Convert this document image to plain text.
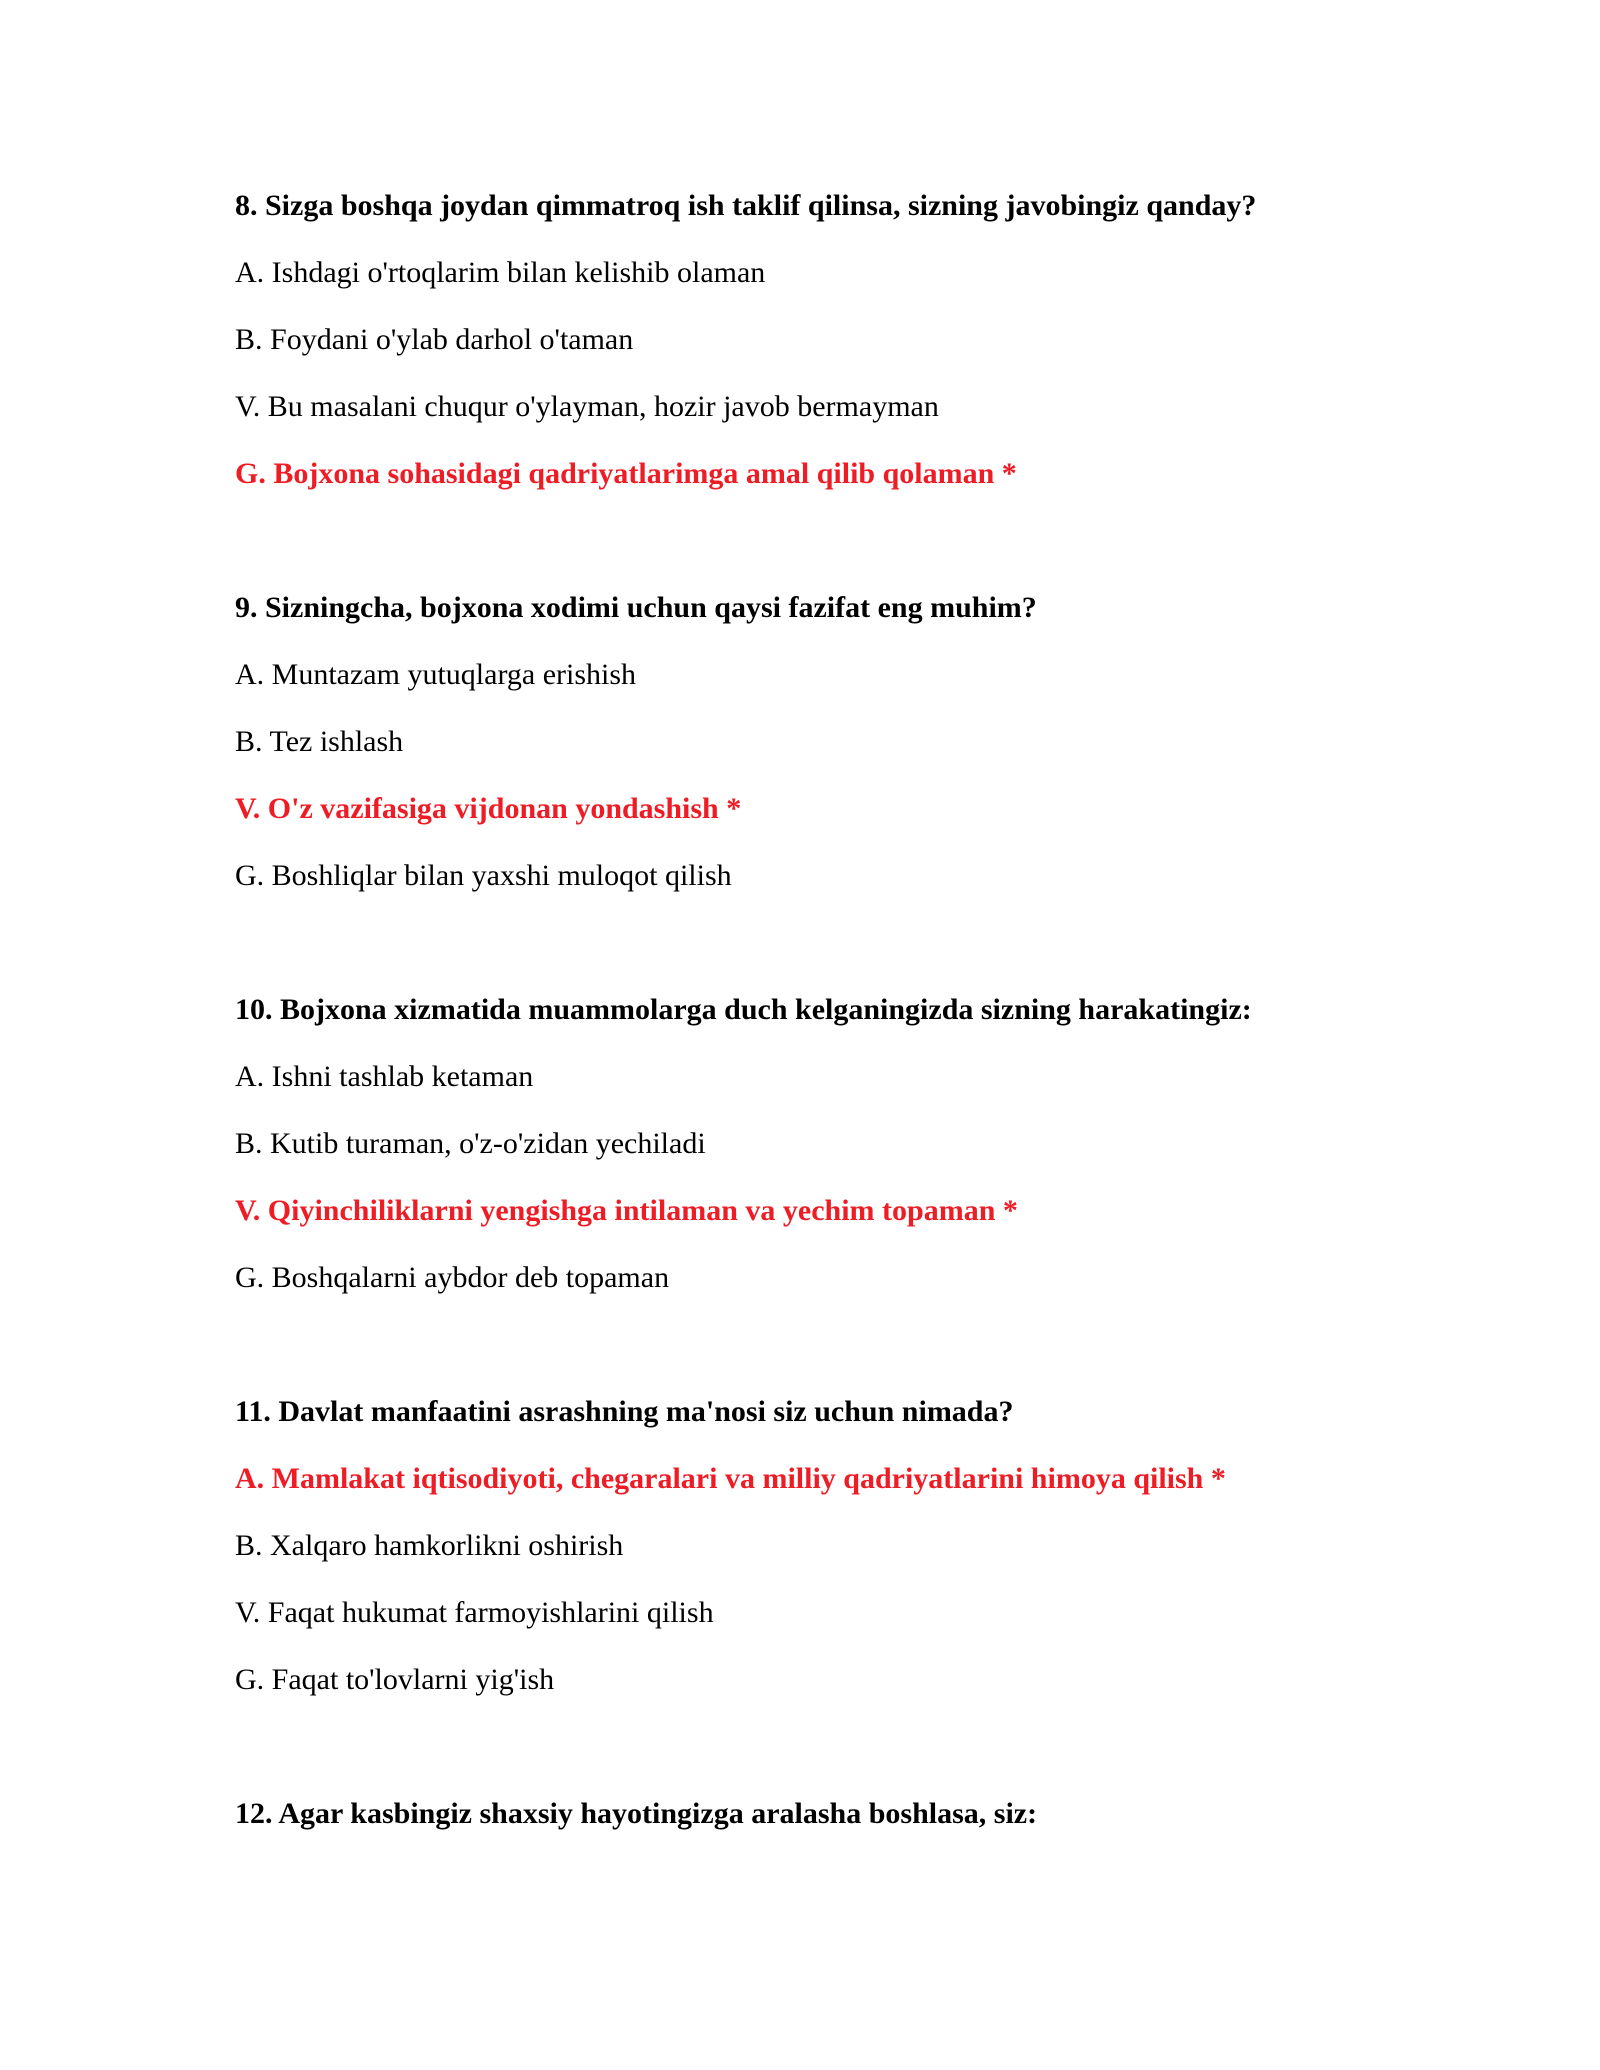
8. Sizga boshqa joydan qimmatroq ish taklif qilinsa, sizning javobingiz qanday?
A. Ishdagi o'rtoqlarim bilan kelishib olaman
B. Foydani o'ylab darhol o'taman
V. Bu masalani chuqur o'ylayman, hozir javob bermayman
G. Bojxona sohasidagi qadriyatlarimga amal qilib qolaman *
9. Sizningcha, bojxona xodimi uchun qaysi fazifat eng muhim?
A. Muntazam yutuqlarga erishish
B. Tez ishlash
V. O'z vazifasiga vijdonan yondashish *
G. Boshliqlar bilan yaxshi muloqot qilish
10. Bojxona xizmatida muammolarga duch kelganingizda sizning harakatingiz:
A. Ishni tashlab ketaman
B. Kutib turaman, o'z-o'zidan yechiladi
V. Qiyinchiliklarni yengishga intilaman va yechim topaman *
G. Boshqalarni aybdor deb topaman
11. Davlat manfaatini asrashning ma'nosi siz uchun nimada?
A. Mamlakat iqtisodiyoti, chegaralari va milliy qadriyatlarini himoya qilish *
B. Xalqaro hamkorlikni oshirish
V. Faqat hukumat farmoyishlarini qilish
G. Faqat to'lovlarni yig'ish
12. Agar kasbingiz shaxsiy hayotingizga aralasha boshlasa, siz:
